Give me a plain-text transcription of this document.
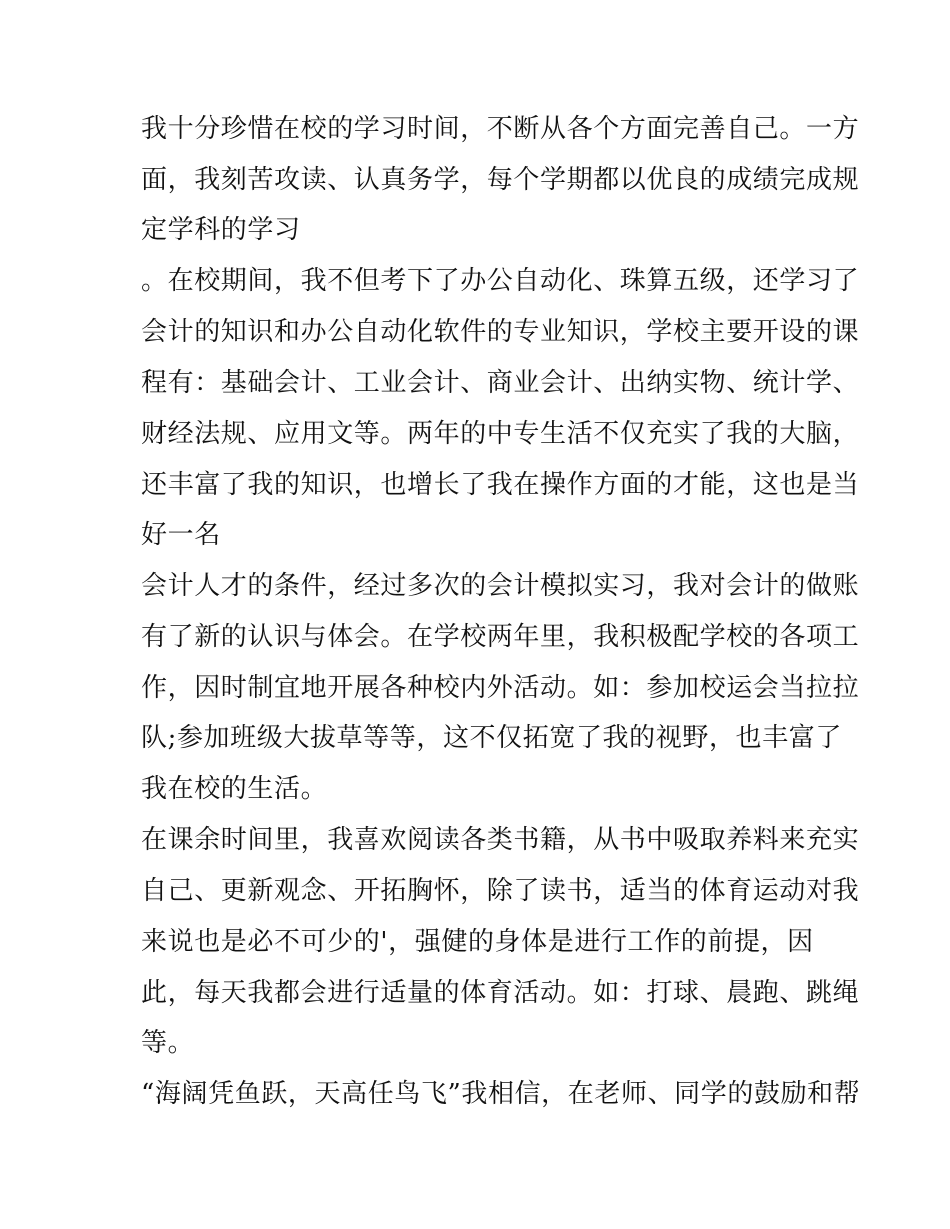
我十分珍惜在校的学习时间，不断从各个方面完善自己。一方
面，我刻苦攻读、认真务学，每个学期都以优良的成绩完成规
定学科的学习
。在校期间，我不但考下了办公自动化、珠算五级，还学习了
会计的知识和办公自动化软件的专业知识，学校主要开设的课
程有：基础会计、工业会计、商业会计、出纳实物、统计学、
财经法规、应用文等。两年的中专生活不仅充实了我的大脑，
还丰富了我的知识，也增长了我在操作方面的才能，这也是当
好一名
会计人才的条件，经过多次的会计模拟实习，我对会计的做账
有了新的认识与体会。在学校两年里，我积极配学校的各项工
作，因时制宜地开展各种校内外活动。如：参加校运会当拉拉
队;参加班级大拔草等等，这不仅拓宽了我的视野，也丰富了
我在校的生活。
在课余时间里，我喜欢阅读各类书籍，从书中吸取养料来充实
自己、更新观念、开拓胸怀，除了读书，适当的体育运动对我
来说也是必不可少的'，强健的身体是进行工作的前提，因
此，每天我都会进行适量的体育活动。如：打球、晨跑、跳绳
等。
“海阔凭鱼跃，天高任鸟飞”我相信，在老师、同学的鼓励和帮
